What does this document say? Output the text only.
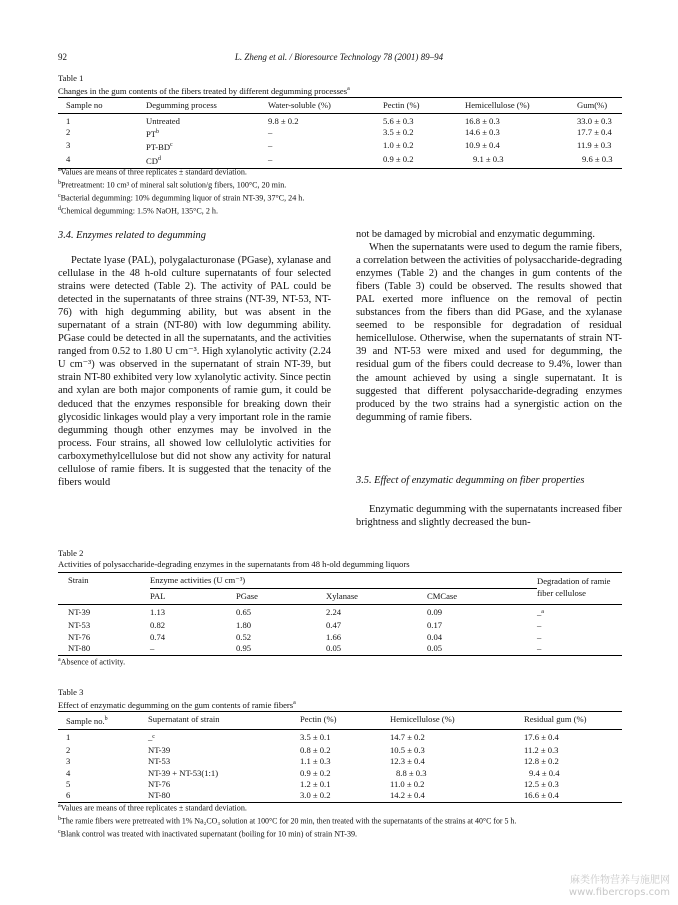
92	L. Zheng et al. / Bioresource Technology 78 (2001) 89–94
Table 1
Changes in the gum contents of the fibers treated by different degumming processes$^a$
Sample no	Degumming process	Water-soluble (%)	Pectin (%)	Hemicellulose (%)	Gum(%)
1	Untreated	9.8 ± 0.2	5.6 ± 0.3	16.8 ± 0.3	33.0 ± 0.3
2	$PT^b$	–	3.5 ± 0.2	14.6 ± 0.3	17.7 ± 0.4
3	$PT-BD^c$	–	1.0 ± 0.2	10.9 ± 0.4	11.9 ± 0.3
4	$CD^d$	–	0.9 ± 0.2	9.1 ± 0.3	9.6 ± 0.3
$^a$Values are means of three replicates ± standard deviation.
$^b$Pretreatment: 10 cm³ of mineral salt solution/g fibers, 100°C, 20 min.
$^c$Bacterial degumming: 10% degumming liquor of strain NT-39, 37°C, 24 h.
$^d$Chemical degumming: 1.5% NaOH, 135°C, 2 h.
3.4. Enzymes related to degumming

Pectate lyase (PAL), polygalacturonase (PGase), xylanase and cellulase in the 48 h-old culture supernatants of four selected strains were detected (Table 2). The activity of PAL could be detected in the supernatants of three strains (NT-39, NT-53, NT-76) with high degumming ability, but was absent in the supernatant of a strain (NT-80) with low degumming ability. PGase could be detected in all the supernatants, and the activities ranged from 0.52 to 1.80 U cm⁻³. High xylanolytic activity (2.24 U cm⁻³) was observed in the supernatant of strain NT-39, but strain NT-80 exhibited very low xylanolytic activity. Since pectin and xylan are both major components of ramie gum, it could be deduced that the enzymes responsible for breaking down their glycosidic linkages would play a very important role in the ramie degumming though other enzymes may be involved in the process. Four strains, all showed low cellulolytic activities for carboxymethylcellulose but did not show any activity for natural cellulose of ramie fibers. It is suggested that the tenacity of the fibers would

not be damaged by microbial and enzymatic degumming.

When the supernatants were used to degum the ramie fibers, a correlation between the activities of polysaccharide-degrading enzymes (Table 2) and the changes in gum contents of the fibers (Table 3) could be observed. The results showed that PAL exerted more influence on the removal of pectin substances from the fibers than did PGase, and the xylanase seemed to be responsible for degradation of residual hemicellulose. Otherwise, when the supernatants of strain NT-39 and NT-53 were mixed and used for degumming, the residual gum of the fibers could decrease to 9.4%, lower than the amount achieved by using a single supernatant. It is suggested that different polysaccharide-degrading enzymes produced by the two strains had a synergistic action on the degumming of ramie fibers.

3.5. Effect of enzymatic degumming on fiber properties

Enzymatic degumming with the supernatants increased fiber brightness and slightly decreased the bun-

Table 2
Activities of polysaccharide-degrading enzymes in the supernatants from 48 h-old degumming liquors
Strain	Enzyme activities (U cm⁻³)				Degradation of ramie
fiber cellulose
	PAL	PGase	Xylanase	CMCase	
NT-39	1.13	0.65	2.24	0.09	–$^a$
NT-53	0.82	1.80	0.47	0.17	–
NT-76	0.74	0.52	1.66	0.04	–
NT-80	–	0.95	0.05	0.05	–
$^a$Absence of activity.
Table 3
Effect of enzymatic degumming on the gum contents of ramie fibers$^a$
Sample no.$^b$	Supernatant of strain	Pectin (%)	Hemicellulose (%)	Residual gum (%)
1	–$^c$	3.5 ± 0.1	14.7 ± 0.2	17.6 ± 0.4
2	NT-39	0.8 ± 0.2	10.5 ± 0.3	11.2 ± 0.3
3	NT-53	1.1 ± 0.3	12.3 ± 0.4	12.8 ± 0.2
4	NT-39 + NT-53(1:1)	0.9 ± 0.2	8.8 ± 0.3	9.4 ± 0.4
5	NT-76	1.2 ± 0.1	11.0 ± 0.2	12.5 ± 0.3
6	NT-80	3.0 ± 0.2	14.2 ± 0.4	16.6 ± 0.4
$^a$Values are means of three replicates ± standard deviation.
$^b$The ramie fibers were pretreated with 1% Na₂CO₃ solution at 100°C for 20 min, then treated with the supernatants of the strains at 40°C for 5 h.
$^c$Blank control was treated with inactivated supernatant (boiling for 10 min) of strain NT-39.
麻类作物营养与施肥网
www.fibercrops.com
